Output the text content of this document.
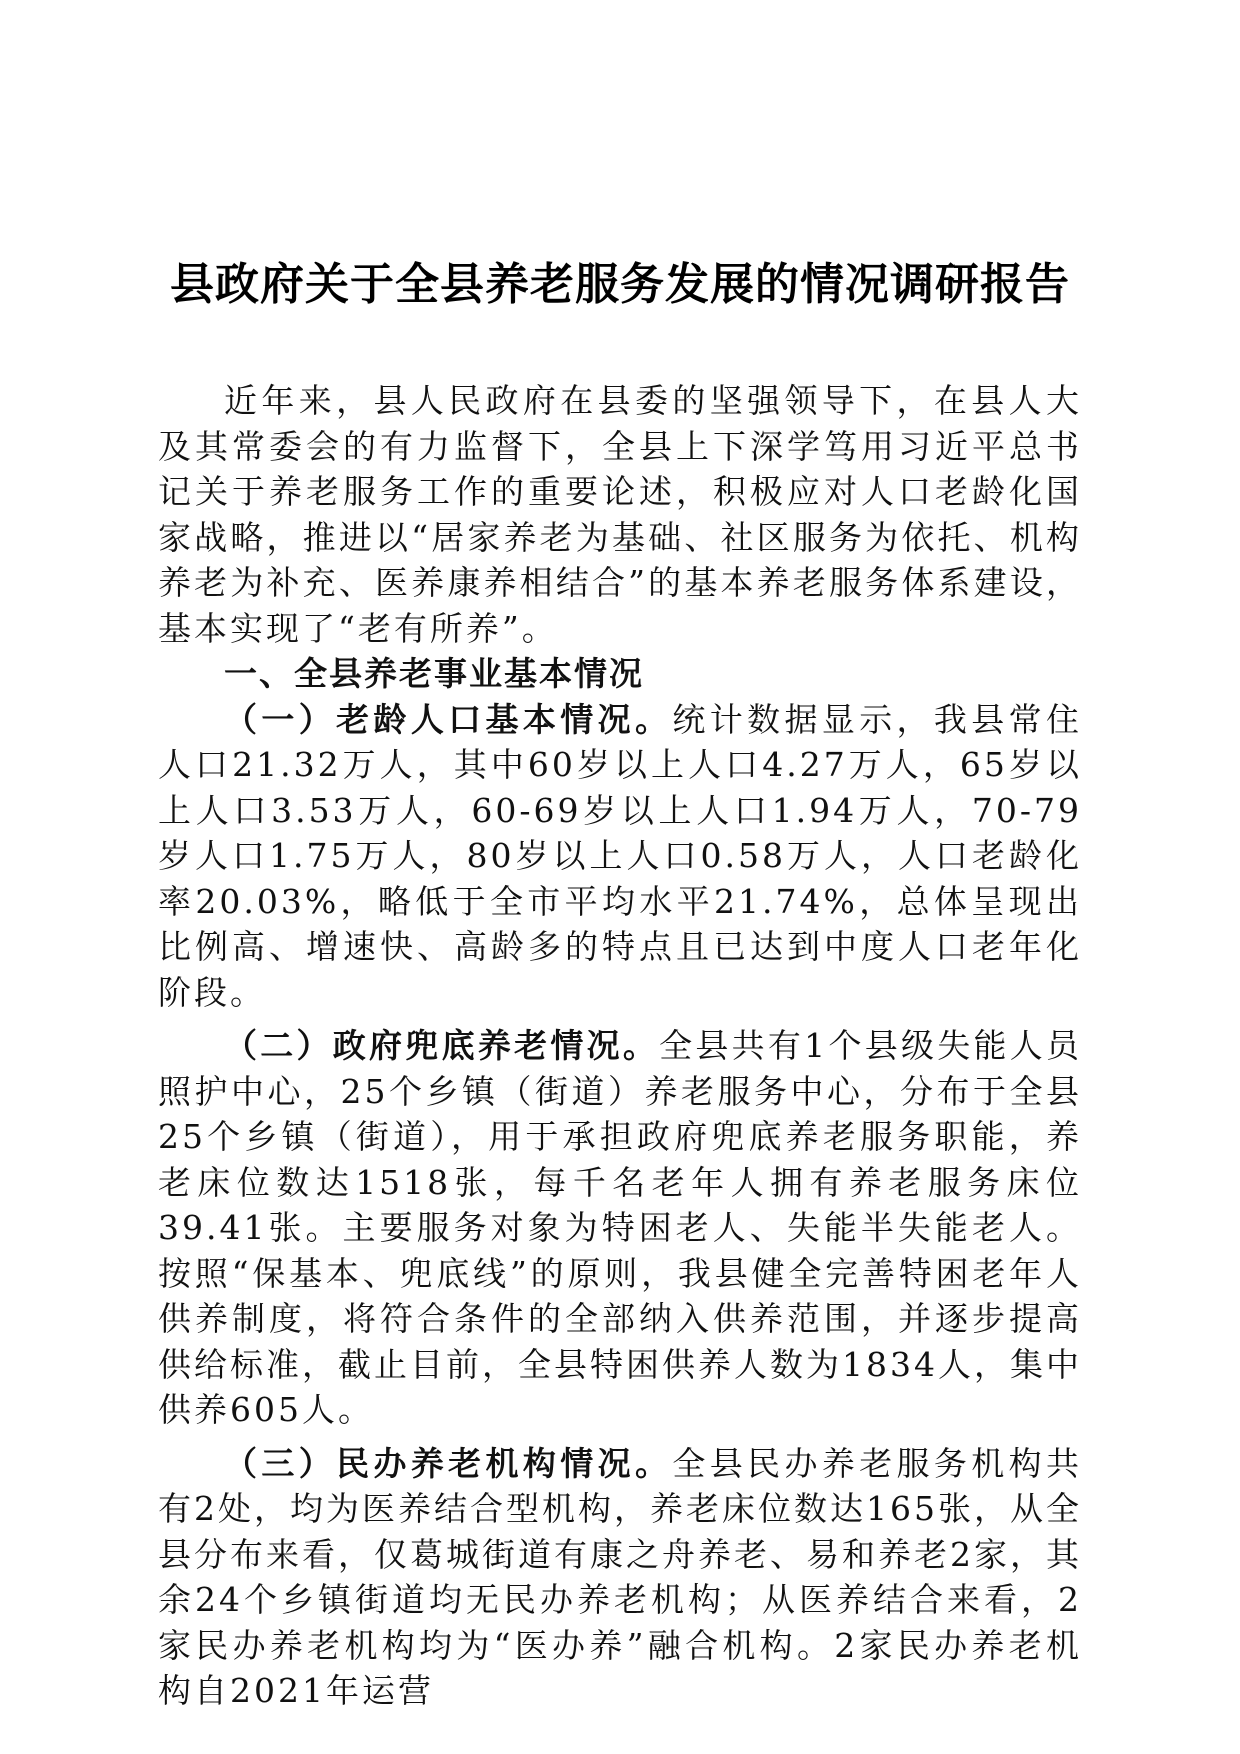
县政府关于全县养老服务发展的情况调研报告

近年来，县人民政府在县委的坚强领导下，在县人大及其常委会的有力监督下，全县上下深学笃用习近平总书记关于养老服务工作的重要论述，积极应对人口老龄化国家战略，推进以“居家养老为基础、社区服务为依托、机构养老为补充、医养康养相结合”的基本养老服务体系建设，基本实现了“老有所养”。

一、全县养老事业基本情况

（一）老龄人口基本情况。统计数据显示，我县常住人口21.32万人，其中60岁以上人口4.27万人，65岁以上人口3.53万人，60-69岁以上人口1.94万人，70-79岁人口1.75万人，80岁以上人口0.58万人，人口老龄化率20.03%，略低于全市平均水平21.74%，总体呈现出比例高、增速快、高龄多的特点且已达到中度人口老年化阶段。

（二）政府兜底养老情况。全县共有1个县级失能人员照护中心，25个乡镇（街道）养老服务中心，分布于全县25个乡镇（街道），用于承担政府兜底养老服务职能，养老床位数达1518张，每千名老年人拥有养老服务床位39.41张。主要服务对象为特困老人、失能半失能老人。按照“保基本、兜底线”的原则，我县健全完善特困老年人供养制度，将符合条件的全部纳入供养范围，并逐步提高供给标准，截止目前，全县特困供养人数为1834人，集中供养605人。

（三）民办养老机构情况。全县民办养老服务机构共有2处，均为医养结合型机构，养老床位数达165张，从全县分布来看，仅葛城街道有康之舟养老、易和养老2家，其余24个乡镇街道均无民办养老机构；从医养结合来看，2家民办养老机构均为“医办养”融合机构。2家民办养老机构自2021年运营
